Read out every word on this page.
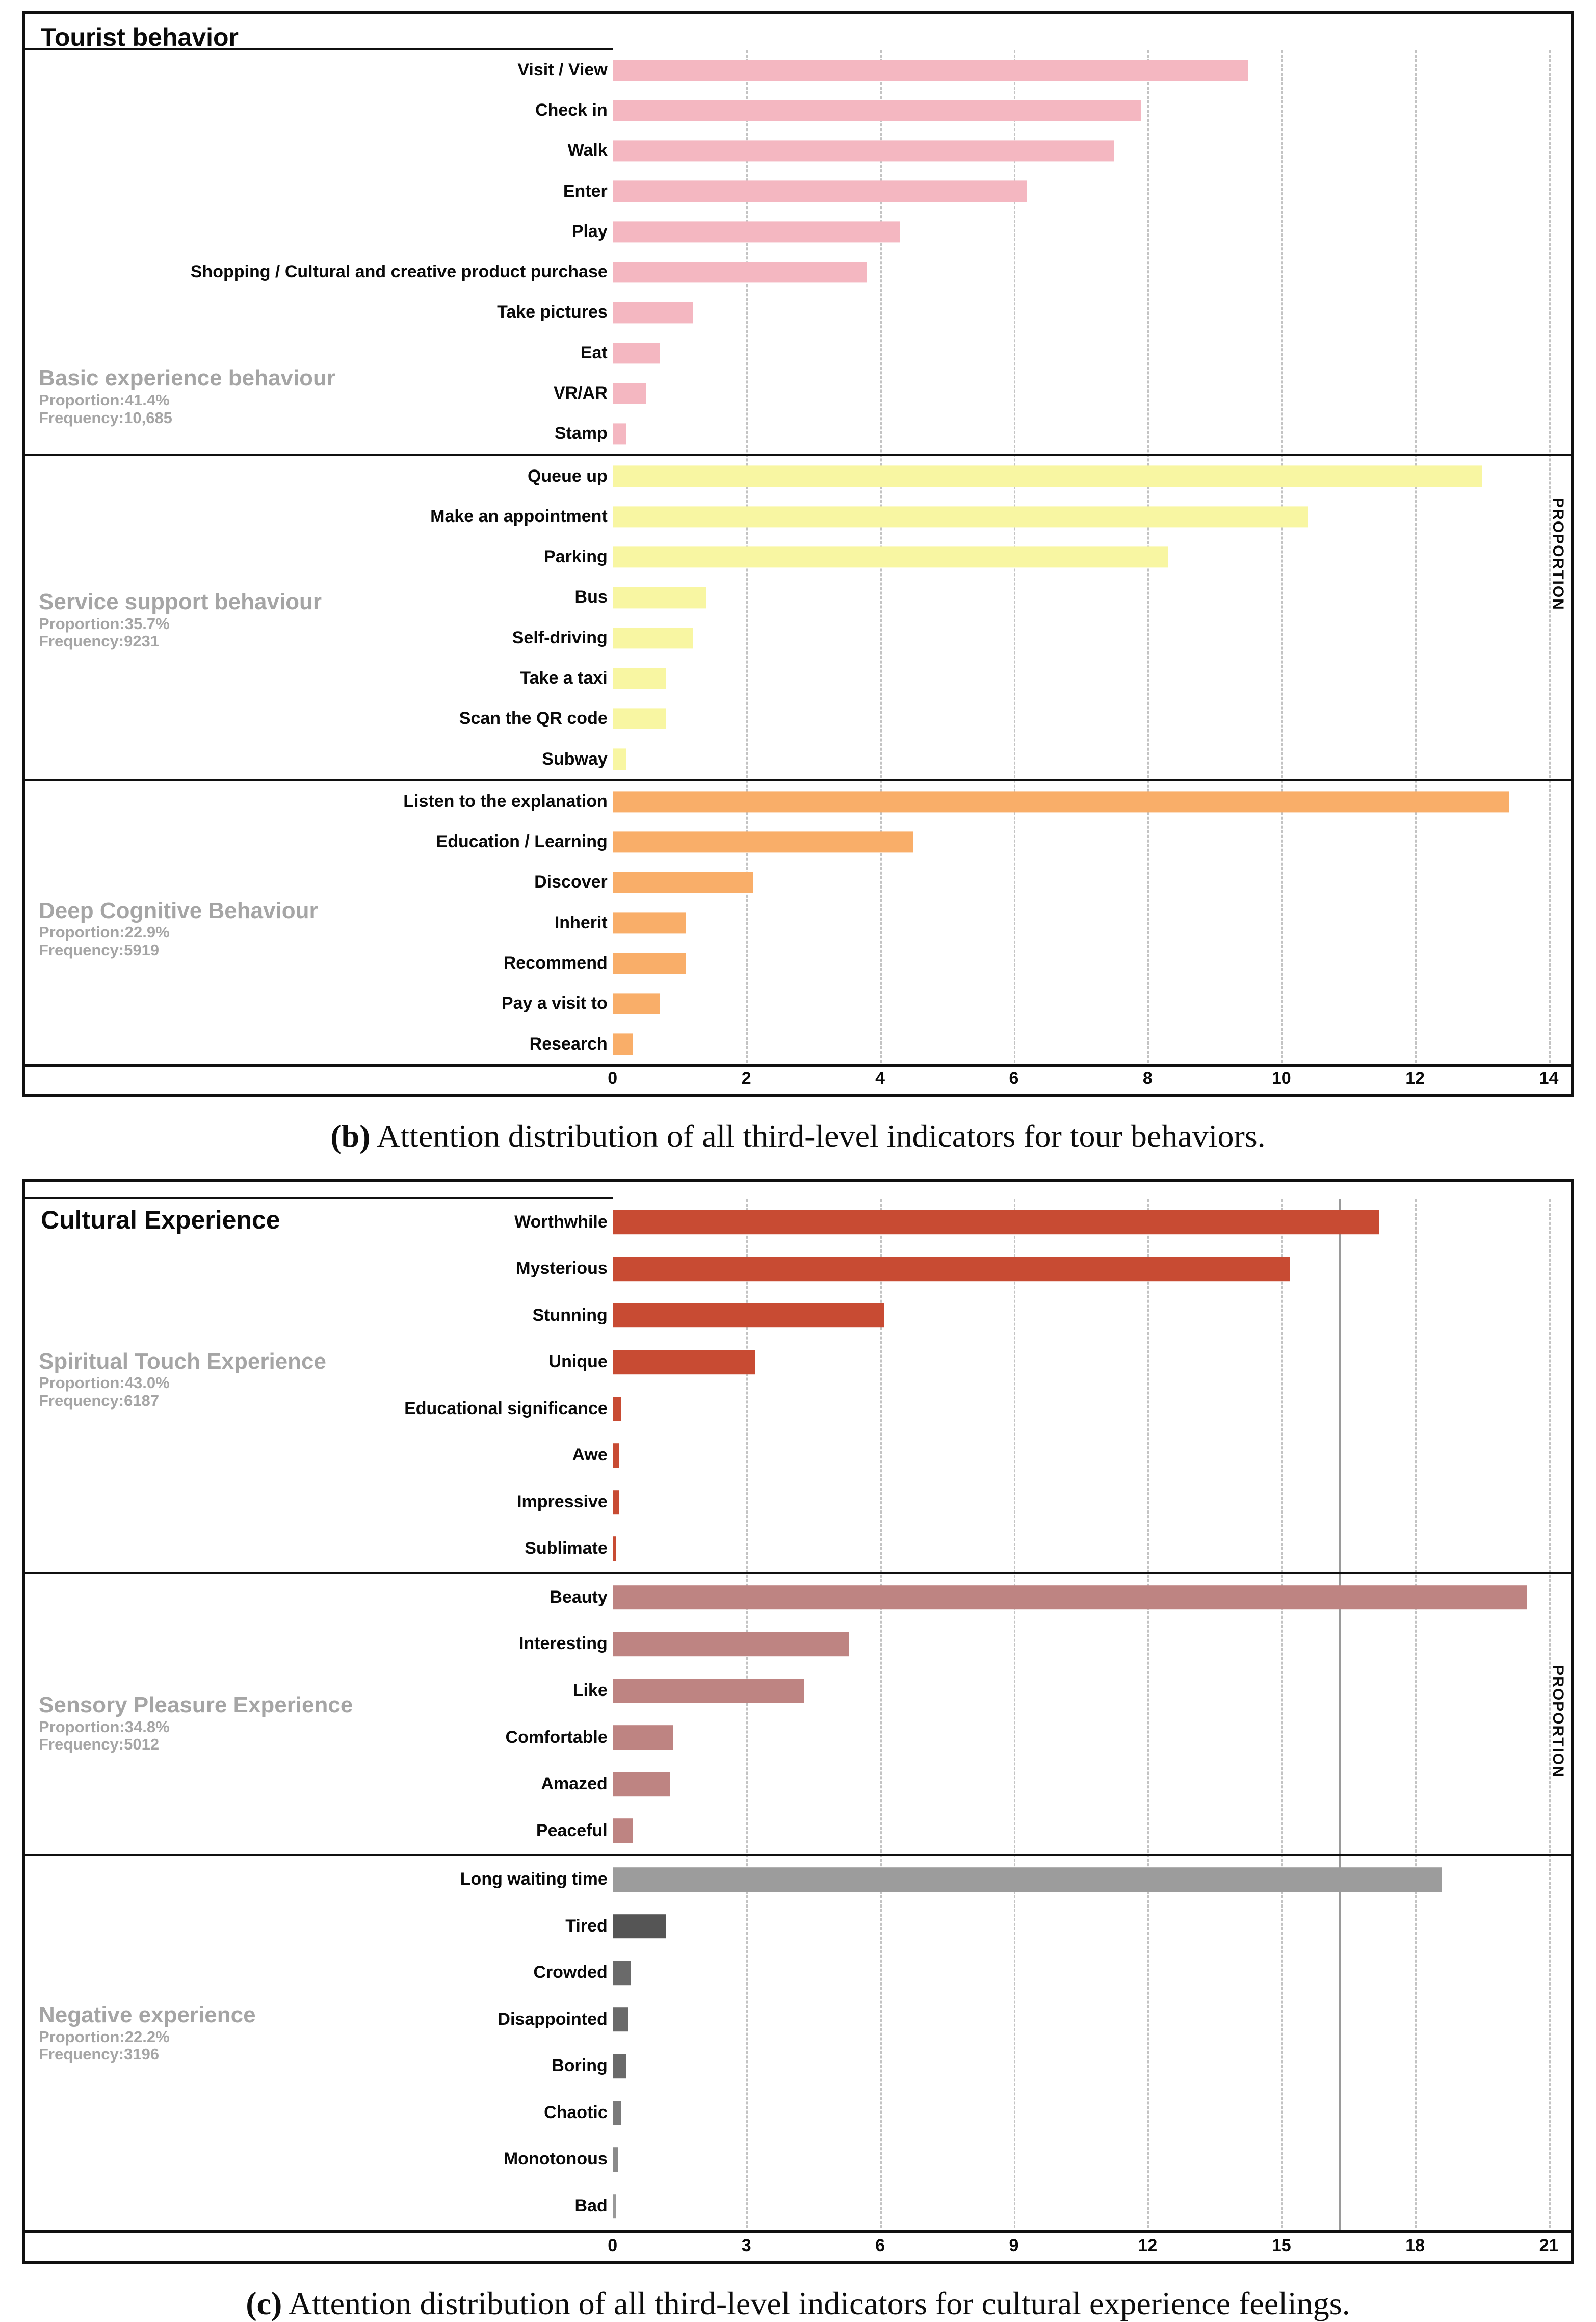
Tourist behavior
Basic experience behaviour
Proportion:41.4%
Frequency:10,685
Visit / View
Check in
Walk
Enter
Play
Shopping / Cultural and creative product purchase
Take pictures
Eat
VR/AR
Stamp
Service support behaviour
Proportion:35.7%
Frequency:9231
Queue up
Make an appointment
Parking
Bus
Self-driving
Take a taxi
Scan the QR code
Subway
Deep Cognitive Behaviour
Proportion:22.9%
Frequency:5919
Listen to the explanation
Education / Learning
Discover
Inherit
Recommend
Pay a visit to
Research
0	2	4	6	8	10	12	14
PROPORTION

(b) Attention distribution of all third-level indicators for tour behaviors.

Cultural Experience
Spiritual Touch Experience
Proportion:43.0%
Frequency:6187
Worthwhile
Mysterious
Stunning
Unique
Educational significance
Awe
Impressive
Sublimate
Sensory Pleasure Experience
Proportion:34.8%
Frequency:5012
Beauty
Interesting
Like
Comfortable
Amazed
Peaceful
Negative experience
Proportion:22.2%
Frequency:3196
Long waiting time
Tired
Crowded
Disappointed
Boring
Chaotic
Monotonous
Bad
0	3	6	9	12	15	18	21
PROPORTION

(c) Attention distribution of all third-level indicators for cultural experience feelings.
